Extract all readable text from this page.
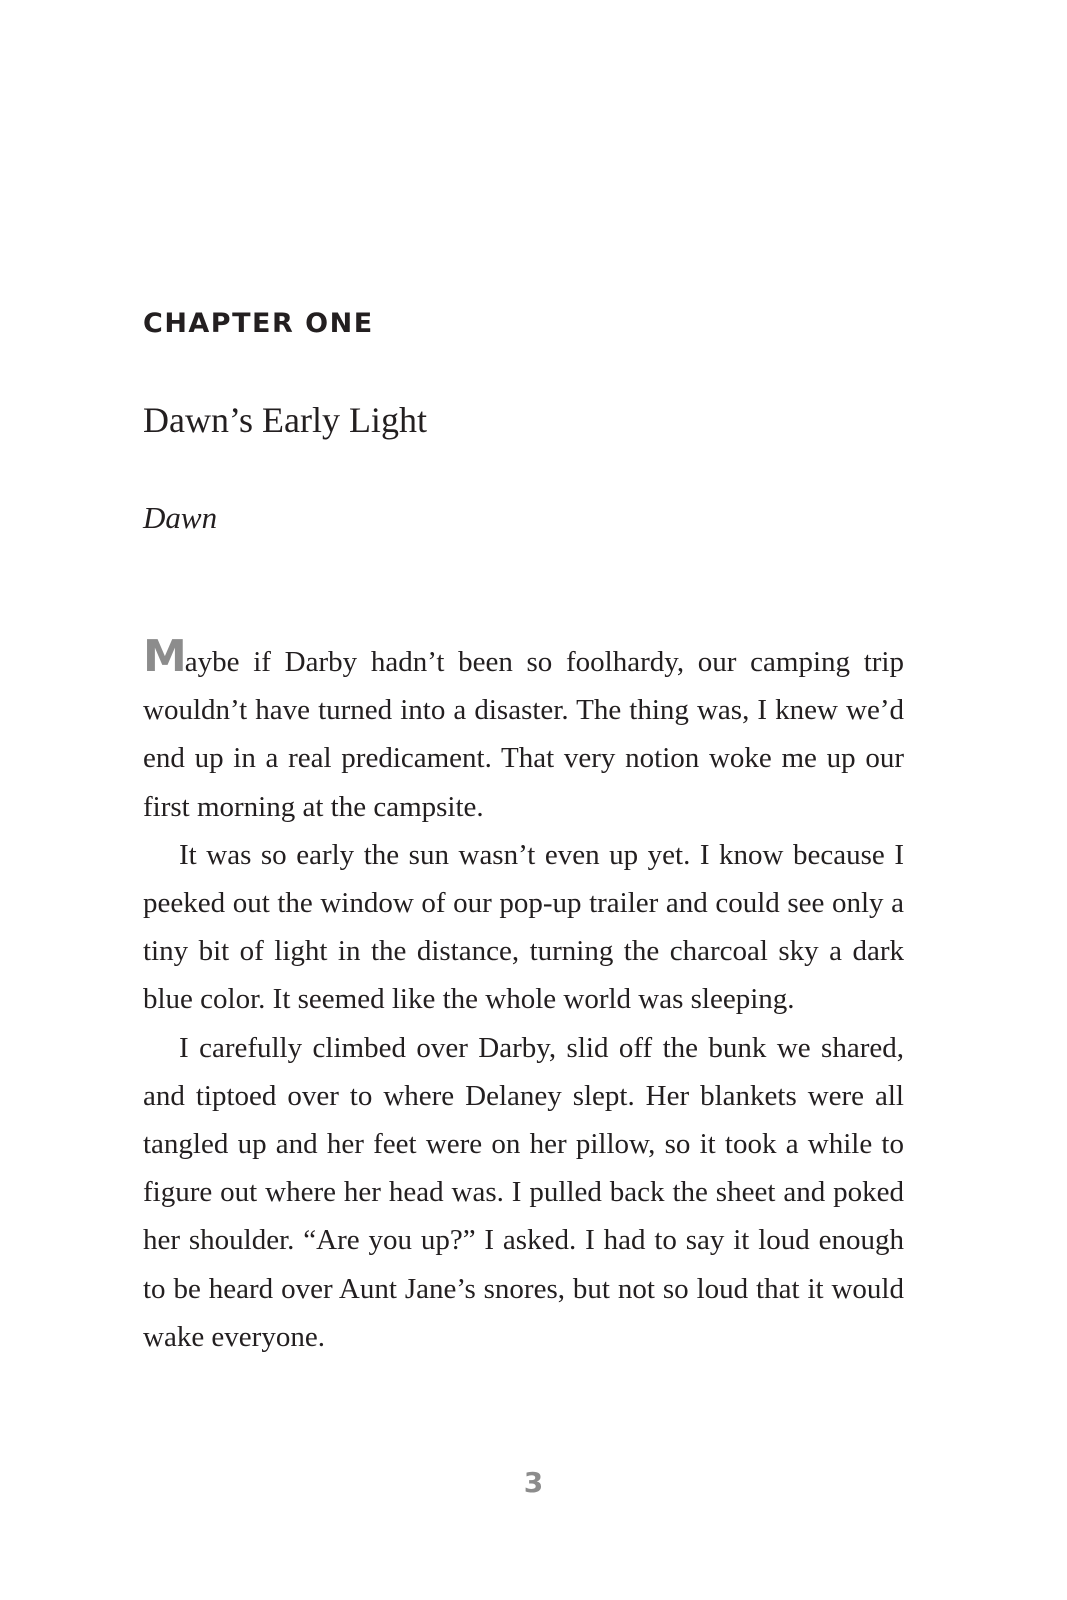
CHAPTER ONE
Dawn’s Early Light

Dawn

Maybe if Darby hadn’t been so foolhardy, our camping trip wouldn’t have turned into a disaster. The thing was, I knew we’d end up in a real predicament. That very notion woke me up our first morning at the campsite.

It was so early the sun wasn’t even up yet. I know because I peeked out the window of our pop-up trailer and could see only a tiny bit of light in the distance, turning the charcoal sky a dark blue color. It seemed like the whole world was sleeping.

I carefully climbed over Darby, slid off the bunk we shared, and tiptoed over to where Delaney slept. Her blankets were all tangled up and her feet were on her pillow, so it took a while to figure out where her head was. I pulled back the sheet and poked her shoulder. “Are you up?” I asked. I had to say it loud enough to be heard over Aunt Jane’s snores, but not so loud that it would wake everyone.

3
